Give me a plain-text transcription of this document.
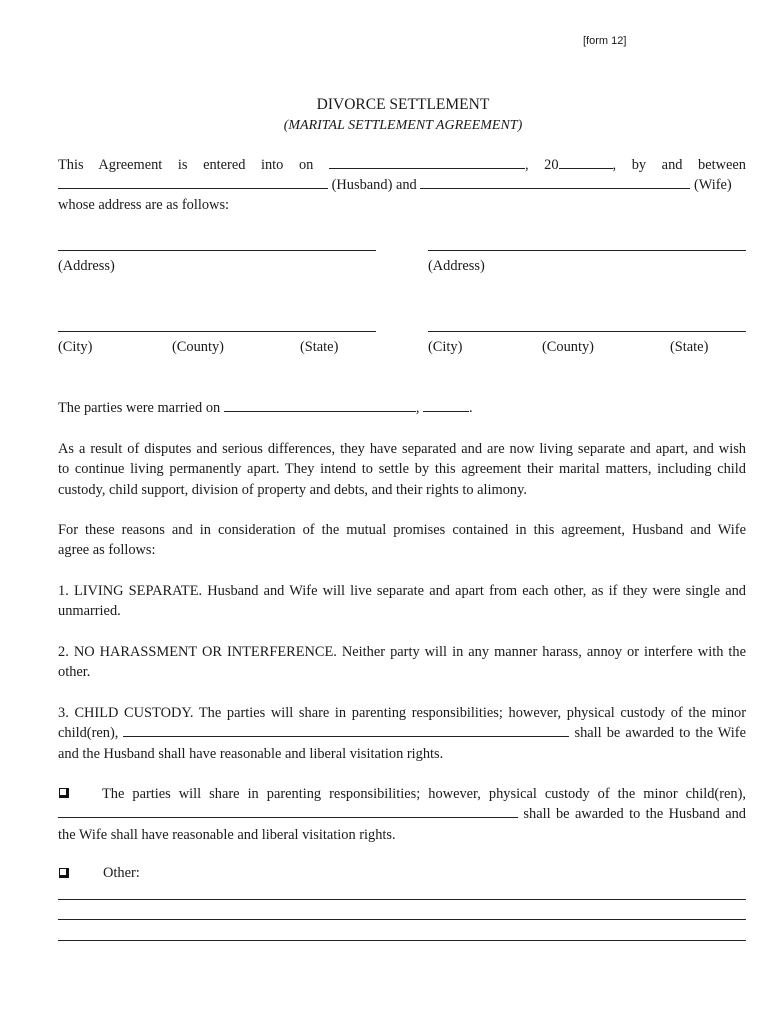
[form 12]
DIVORCE SETTLEMENT
(MARITAL SETTLEMENT AGREEMENT)
This Agreement is entered into on	, 20	, by and between
(Husband) and	(Wife)
whose address are as follows:
(Address)	(Address)
(City)	(County)	(State)	(City)	(County)	(State)
The parties were married on	,	.
As a result of disputes and serious differences, they have separated and are now living separate and apart, and wish
to continue living permanently apart. They intend to settle by this agreement their marital matters, including child
custody, child support, division of property and debts, and their rights to alimony.
For these reasons and in consideration of the mutual promises contained in this agreement, Husband and Wife
agree as follows:
1. LIVING SEPARATE. Husband and Wife will live separate and apart from each other, as if they were single and
unmarried.
2. NO HARASSMENT OR INTERFERENCE. Neither party will in any manner harass, annoy or interfere with the
other.
3. CHILD CUSTODY. The parties will share in parenting responsibilities; however, physical custody of the minor
child(ren),	shall be awarded to the Wife
and the Husband shall have reasonable and liberal visitation rights.
The parties will share in parenting responsibilities; however, physical custody of the minor child(ren),
shall be awarded to the Husband and
the Wife shall have reasonable and liberal visitation rights.
Other:
